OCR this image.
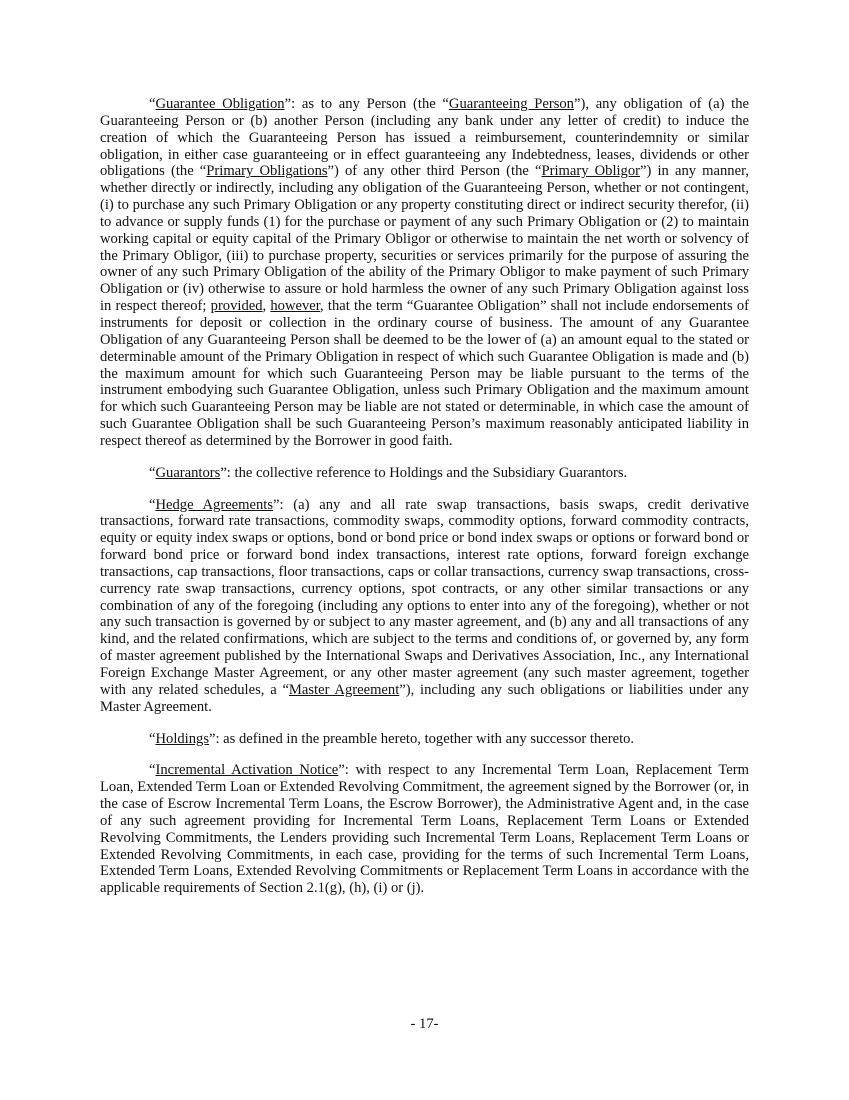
“Guarantee Obligation”: as to any Person (the “Guaranteeing Person”), any obligation of (a) the Guaranteeing Person or (b) another Person (including any bank under any letter of credit) to induce the creation of which the Guaranteeing Person has issued a reimbursement, counterindemnity or similar obligation, in either case guaranteeing or in effect guaranteeing any Indebtedness, leases, dividends or other obligations (the “Primary Obligations”) of any other third Person (the “Primary Obligor”) in any manner, whether directly or indirectly, including any obligation of the Guaranteeing Person, whether or not contingent, (i) to purchase any such Primary Obligation or any property constituting direct or indirect security therefor, (ii) to advance or supply funds (1) for the purchase or payment of any such Primary Obligation or (2) to maintain working capital or equity capital of the Primary Obligor or otherwise to maintain the net worth or solvency of the Primary Obligor, (iii) to purchase property, securities or services primarily for the purpose of assuring the owner of any such Primary Obligation of the ability of the Primary Obligor to make payment of such Primary Obligation or (iv) otherwise to assure or hold harmless the owner of any such Primary Obligation against loss in respect thereof; provided, however, that the term “Guarantee Obligation” shall not include endorsements of instruments for deposit or collection in the ordinary course of business. The amount of any Guarantee Obligation of any Guaranteeing Person shall be deemed to be the lower of (a) an amount equal to the stated or determinable amount of the Primary Obligation in respect of which such Guarantee Obligation is made and (b) the maximum amount for which such Guaranteeing Person may be liable pursuant to the terms of the instrument embodying such Guarantee Obligation, unless such Primary Obligation and the maximum amount for which such Guaranteeing Person may be liable are not stated or determinable, in which case the amount of such Guarantee Obligation shall be such Guaranteeing Person’s maximum reasonably anticipated liability in respect thereof as determined by the Borrower in good faith.

“Guarantors”: the collective reference to Holdings and the Subsidiary Guarantors.

“Hedge Agreements”: (a) any and all rate swap transactions, basis swaps, credit derivative transactions, forward rate transactions, commodity swaps, commodity options, forward commodity contracts, equity or equity index swaps or options, bond or bond price or bond index swaps or options or forward bond or forward bond price or forward bond index transactions, interest rate options, forward foreign exchange transactions, cap transactions, floor transactions, caps or collar transactions, currency swap transactions, cross-currency rate swap transactions, currency options, spot contracts, or any other similar transactions or any combination of any of the foregoing (including any options to enter into any of the foregoing), whether or not any such transaction is governed by or subject to any master agreement, and (b) any and all transactions of any kind, and the related confirmations, which are subject to the terms and conditions of, or governed by, any form of master agreement published by the International Swaps and Derivatives Association, Inc., any International Foreign Exchange Master Agreement, or any other master agreement (any such master agreement, together with any related schedules, a “Master Agreement”), including any such obligations or liabilities under any Master Agreement.

“Holdings”: as defined in the preamble hereto, together with any successor thereto.

“Incremental Activation Notice”: with respect to any Incremental Term Loan, Replacement Term Loan, Extended Term Loan or Extended Revolving Commitment, the agreement signed by the Borrower (or, in the case of Escrow Incremental Term Loans, the Escrow Borrower), the Administrative Agent and, in the case of any such agreement providing for Incremental Term Loans, Replacement Term Loans or Extended Revolving Commitments, the Lenders providing such Incremental Term Loans, Replacement Term Loans or Extended Revolving Commitments, in each case, providing for the terms of such Incremental Term Loans, Extended Term Loans, Extended Revolving Commitments or Replacement Term Loans in accordance with the applicable requirements of Section 2.1(g), (h), (i) or (j).

- 17-
